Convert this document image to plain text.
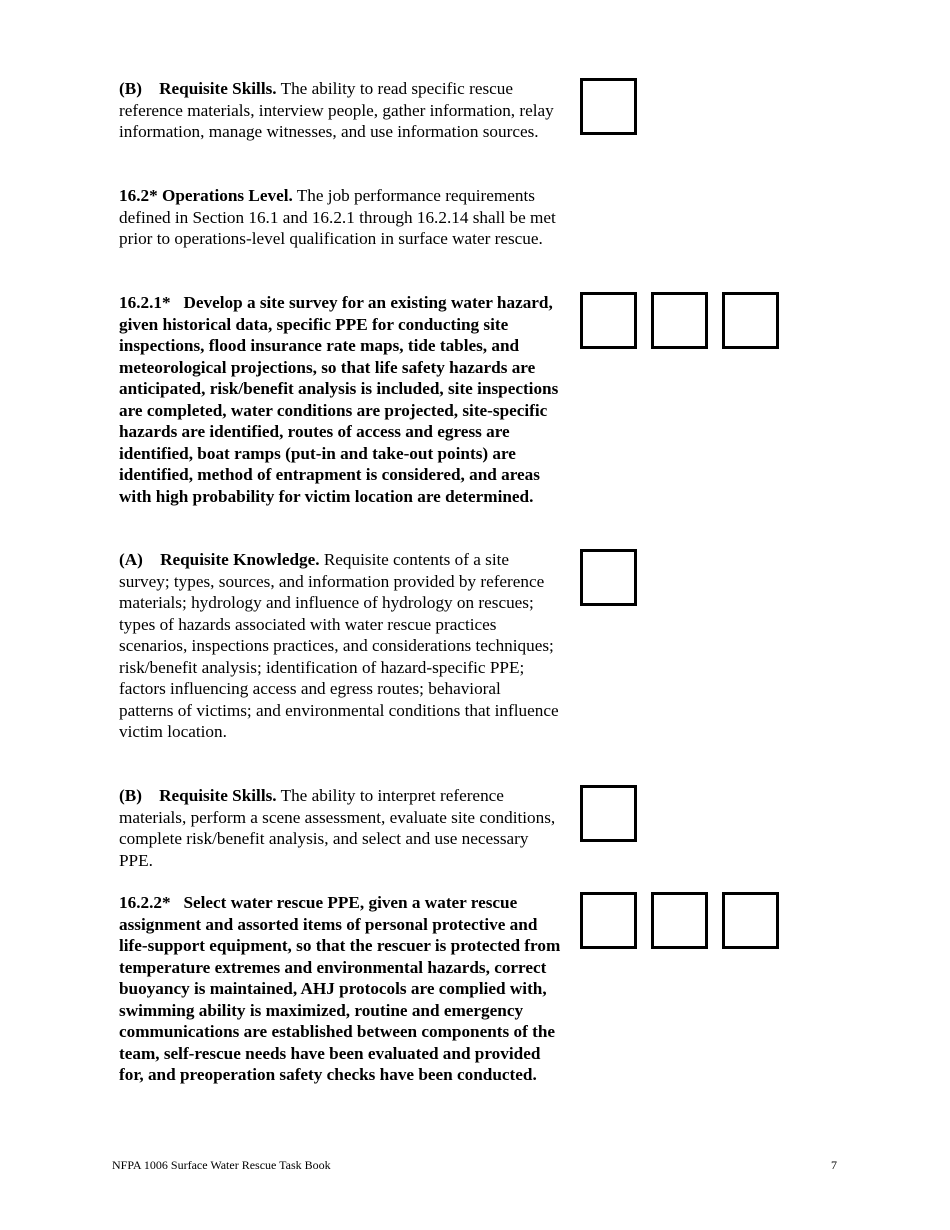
(B) Requisite Skills. The ability to read specific rescue reference materials, interview people, gather information, relay information, manage witnesses, and use information sources.
16.2* Operations Level. The job performance requirements defined in Section 16.1 and 16.2.1 through 16.2.14 shall be met prior to operations-level qualification in surface water rescue.
16.2.1* Develop a site survey for an existing water hazard, given historical data, specific PPE for conducting site inspections, flood insurance rate maps, tide tables, and meteorological projections, so that life safety hazards are anticipated, risk/benefit analysis is included, site inspections are completed, water conditions are projected, site-specific hazards are identified, routes of access and egress are identified, boat ramps (put-in and take-out points) are identified, method of entrapment is considered, and areas with high probability for victim location are determined.
(A) Requisite Knowledge. Requisite contents of a site survey; types, sources, and information provided by reference materials; hydrology and influence of hydrology on rescues; types of hazards associated with water rescue practices scenarios, inspections practices, and considerations techniques; risk/benefit analysis; identification of hazard-specific PPE; factors influencing access and egress routes; behavioral patterns of victims; and environmental conditions that influence victim location.
(B) Requisite Skills. The ability to interpret reference materials, perform a scene assessment, evaluate site conditions, complete risk/benefit analysis, and select and use necessary PPE.
16.2.2* Select water rescue PPE, given a water rescue assignment and assorted items of personal protective and life-support equipment, so that the rescuer is protected from temperature extremes and environmental hazards, correct buoyancy is maintained, AHJ protocols are complied with, swimming ability is maximized, routine and emergency communications are established between components of the team, self-rescue needs have been evaluated and provided for, and preoperation safety checks have been conducted.
NFPA 1006 Surface Water Rescue Task Book	7
